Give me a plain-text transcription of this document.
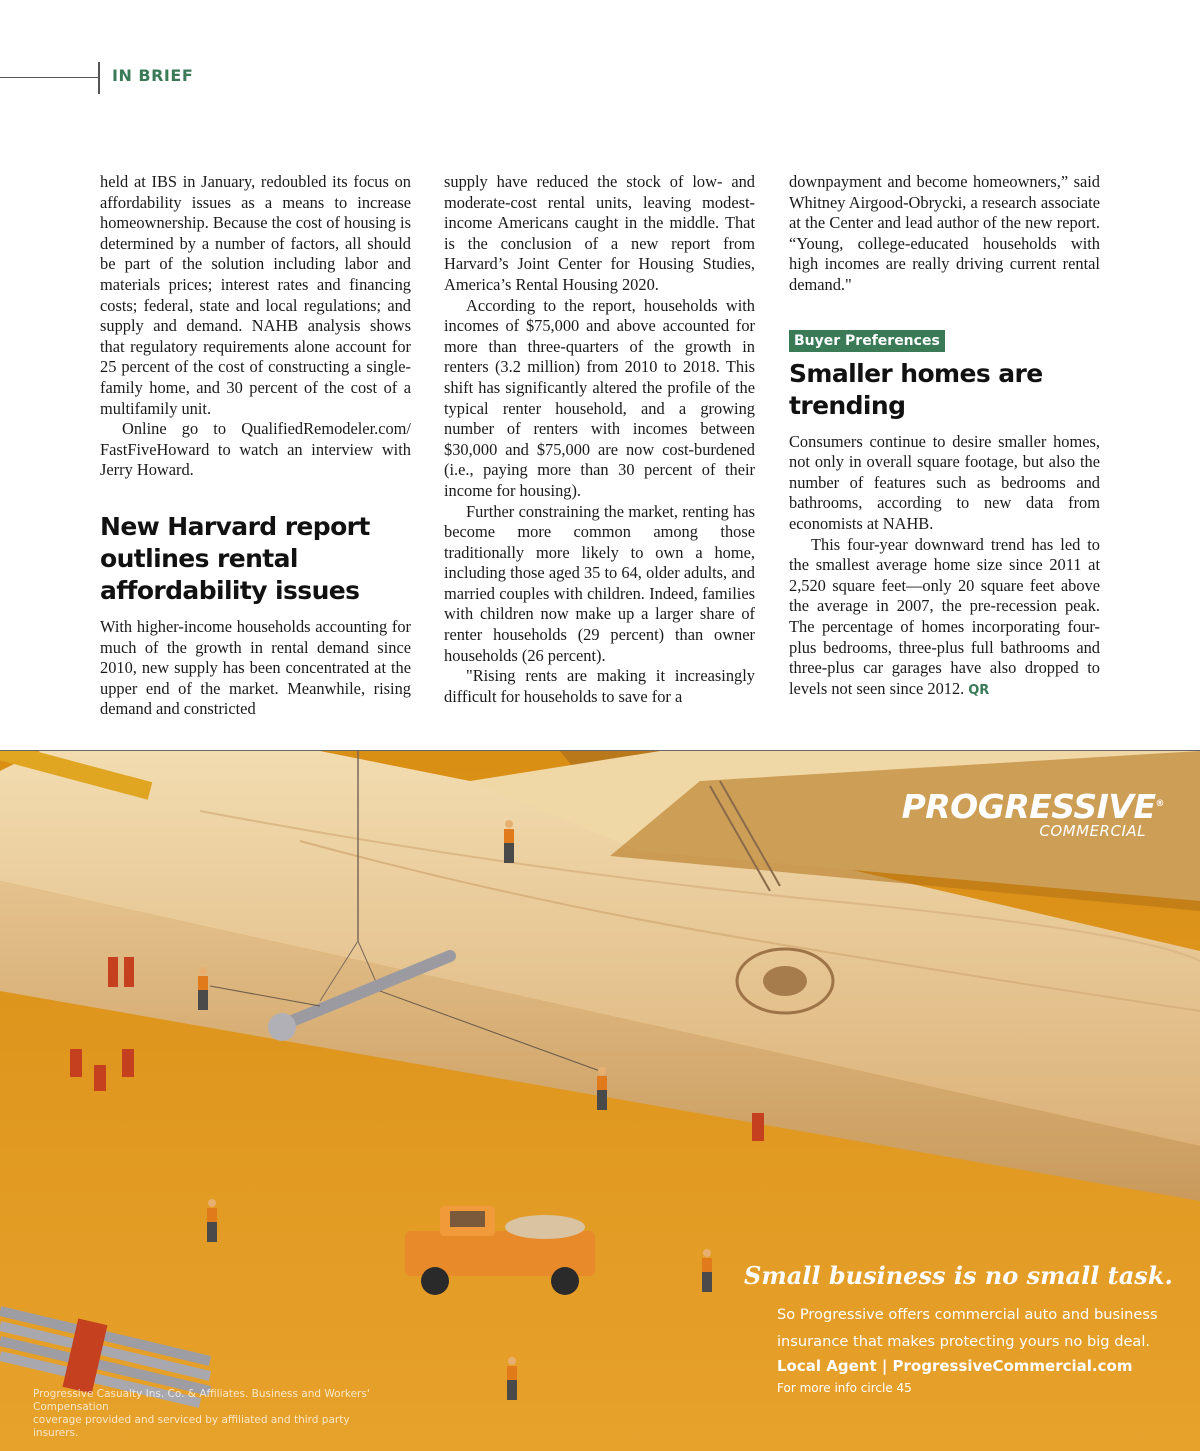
IN BRIEF

held at IBS in January, redoubled its focus on affordability issues as a means to increase homeownership. Because the cost of housing is determined by a number of factors, all should be part of the solution including labor and materials prices; interest rates and financing costs; federal, state and local regulations; and supply and demand. NAHB analysis shows that regulatory requirements alone account for 25 percent of the cost of constructing a single-family home, and 30 percent of the cost of a multifamily unit.

Online go to QualifiedRemodeler.com/ FastFiveHoward to watch an interview with Jerry Howard.

New Harvard report outlines rental affordability issues

With higher-income households accounting for much of the growth in rental demand since 2010, new supply has been concentrated at the upper end of the market. Meanwhile, rising demand and constricted

supply have reduced the stock of low- and moderate-cost rental units, leaving modest-income Americans caught in the middle. That is the conclusion of a new report from Harvard’s Joint Center for Housing Studies, America’s Rental Housing 2020.

According to the report, households with incomes of $75,000 and above accounted for more than three-quarters of the growth in renters (3.2 million) from 2010 to 2018. This shift has significantly altered the profile of the typical renter household, and a growing number of renters with incomes between $30,000 and $75,000 are now cost-burdened (i.e., paying more than 30 percent of their income for housing).

Further constraining the market, renting has become more common among those traditionally more likely to own a home, including those aged 35 to 64, older adults, and married couples with children. Indeed, families with children now make up a larger share of renter households (29 percent) than owner households (26 percent).

"Rising rents are making it increasingly difficult for households to save for a

downpayment and become homeowners,” said Whitney Airgood-Obrycki, a research associate at the Center and lead author of the new report. “Young, college-educated households with high incomes are really driving current rental demand."

Buyer Preferences
Smaller homes are trending

Consumers continue to desire smaller homes, not only in overall square footage, but also the number of features such as bedrooms and bathrooms, according to new data from economists at NAHB.

This four-year downward trend has led to the smallest average home size since 2011 at 2,520 square feet—only 20 square feet above the average in 2007, the pre-recession peak. The percentage of homes incorporating four-plus bedrooms, three-plus full bathrooms and three-plus car garages have also dropped to levels not seen since 2012. QR

PROGRESSIVE®
COMMERCIAL

Small business is no small task.

So Progressive offers commercial auto and business
insurance that makes protecting yours no big deal.

Local Agent | ProgressiveCommercial.com

For more info circle 45
Progressive Casualty Ins. Co. & Affiliates. Business and Workers' Compensation
coverage provided and serviced by affiliated and third party insurers.
